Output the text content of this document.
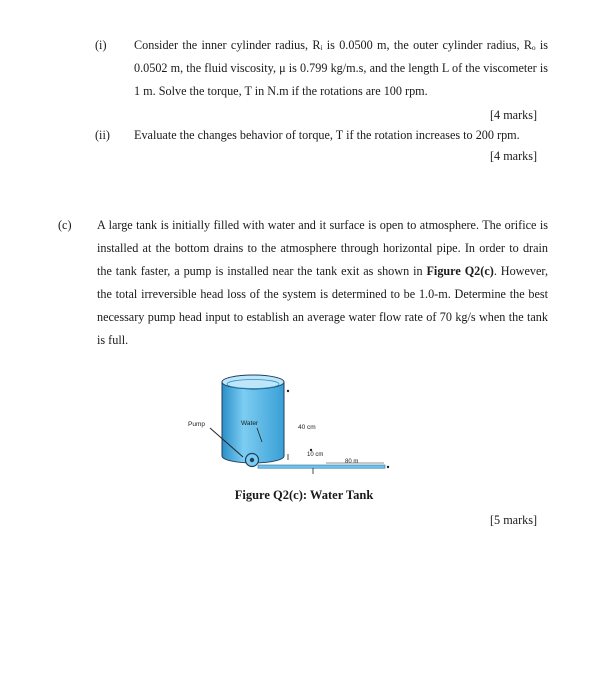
(i) Consider the inner cylinder radius, Rᵢ is 0.0500 m, the outer cylinder radius, Rₒ is 0.0502 m, the fluid viscosity, μ is 0.799 kg/m.s, and the length L of the viscometer is 1 m. Solve the torque, T in N.m if the rotations are 100 rpm.
[4 marks]
(ii) Evaluate the changes behavior of torque, T if the rotation increases to 200 rpm.
[4 marks]
(c) A large tank is initially filled with water and it surface is open to atmosphere. The orifice is installed at the bottom drains to the atmosphere through horizontal pipe. In order to drain the tank faster, a pump is installed near the tank exit as shown in Figure Q2(c). However, the total irreversible head loss of the system is determined to be 1.0-m. Determine the best necessary pump head input to establish an average water flow rate of 70 kg/s when the tank is full.
Pump	Water
40 cm
10 cm
80 m
Figure Q2(c): Water Tank
[5 marks]
